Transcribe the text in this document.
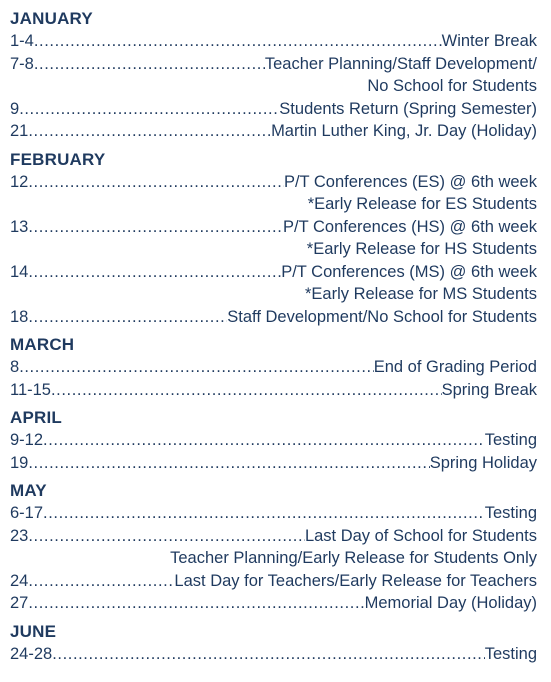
JANUARY
1-4 .....	Winter Break
7-8 .....	Teacher Planning/Staff Development/
No School for Students
9 .....	Students Return (Spring Semester)
21 .....	Martin Luther King, Jr. Day (Holiday)
FEBRUARY
12 .....	P/T Conferences (ES) @ 6th week
*Early Release for ES Students
13 .....	P/T Conferences (HS) @ 6th week
*Early Release for HS Students
14 .....	P/T Conferences (MS) @ 6th week
*Early Release for MS Students
18 .....	Staff Development/No School for Students
MARCH
8 .....	End of Grading Period
11-15 .....	Spring Break
APRIL
9-12 .....	Testing
19 .....	Spring Holiday
MAY
6-17 .....	Testing
23 .....	Last Day of School for Students
Teacher Planning/Early Release for Students Only
24 .....	Last Day for Teachers/Early Release for Teachers
27 .....	Memorial Day (Holiday)
JUNE
24-28 .....	Testing
